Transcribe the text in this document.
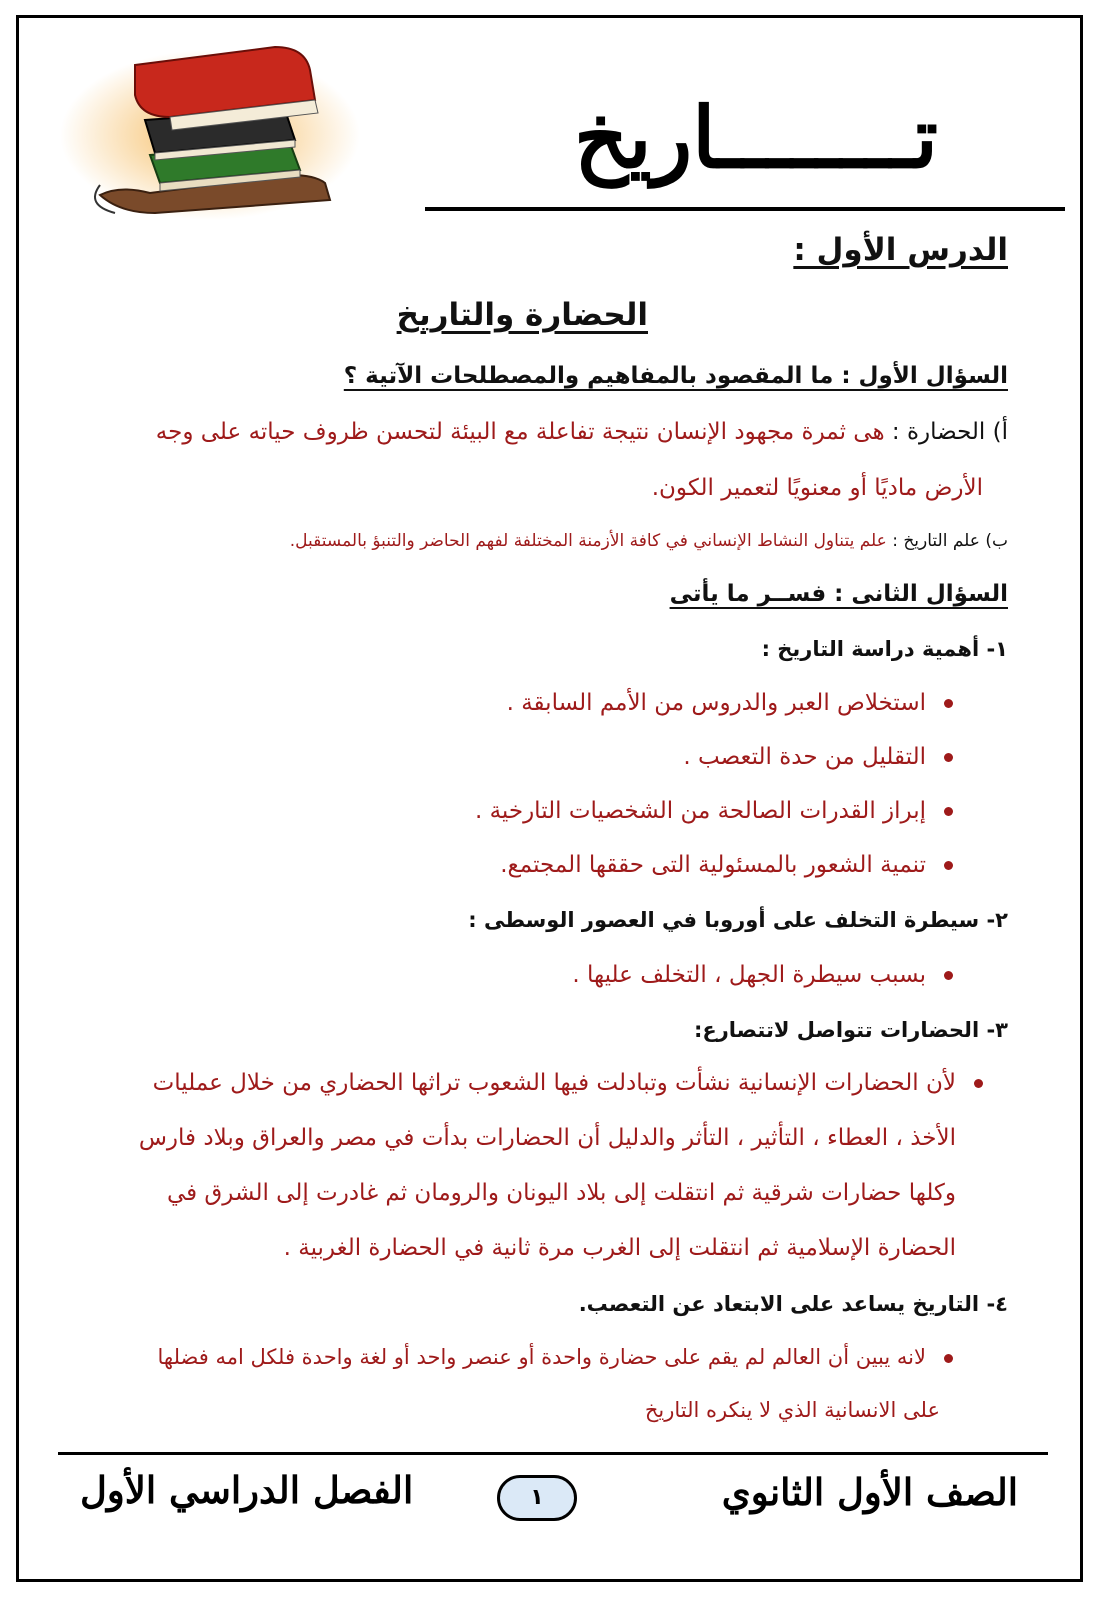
تــــــــاريخ
الدرس الأول :
الحضارة والتاريخ
السؤال الأول : ما المقصود بالمفاهيم والمصطلحات الآتية ؟
أ) الحضارة : هى ثمرة مجهود الإنسان نتيجة تفاعلة مع البيئة لتحسن ظروف حياته على وجه
الأرض ماديًا أو معنويًا لتعمير الكون.
ب) علم التاريخ : علم يتناول النشاط الإنساني في كافة الأزمنة المختلفة لفهم الحاضر والتنبؤ بالمستقبل.
السؤال الثانى : فســر ما يأتى
١- أهمية دراسة التاريخ :
استخلاص العبر والدروس من الأمم السابقة .
التقليل من حدة التعصب .
إبراز القدرات الصالحة من الشخصيات التارخية .
تنمية الشعور بالمسئولية التى حققها المجتمع.
٢- سيطرة التخلف على أوروبا في العصور الوسطى :
بسبب سيطرة الجهل ، التخلف عليها .
٣- الحضارات تتواصل لاتتصارع:
لأن الحضارات الإنسانية نشأت وتبادلت فيها الشعوب تراثها الحضاري من خلال عمليات
الأخذ ، العطاء ، التأثير ، التأثر والدليل أن الحضارات بدأت في مصر والعراق وبلاد فارس
وكلها حضارات شرقية ثم انتقلت إلى بلاد اليونان والرومان ثم غادرت إلى الشرق في
الحضارة الإسلامية ثم انتقلت إلى الغرب مرة ثانية في الحضارة الغربية .
٤- التاريخ يساعد على الابتعاد عن التعصب.
لانه يبين أن العالم لم يقم على حضارة واحدة أو عنصر واحد أو لغة واحدة فلكل امه فضلها
على الانسانية الذي لا ينكره التاريخ
الصف الأول الثانوي
١
الفصل الدراسي الأول
